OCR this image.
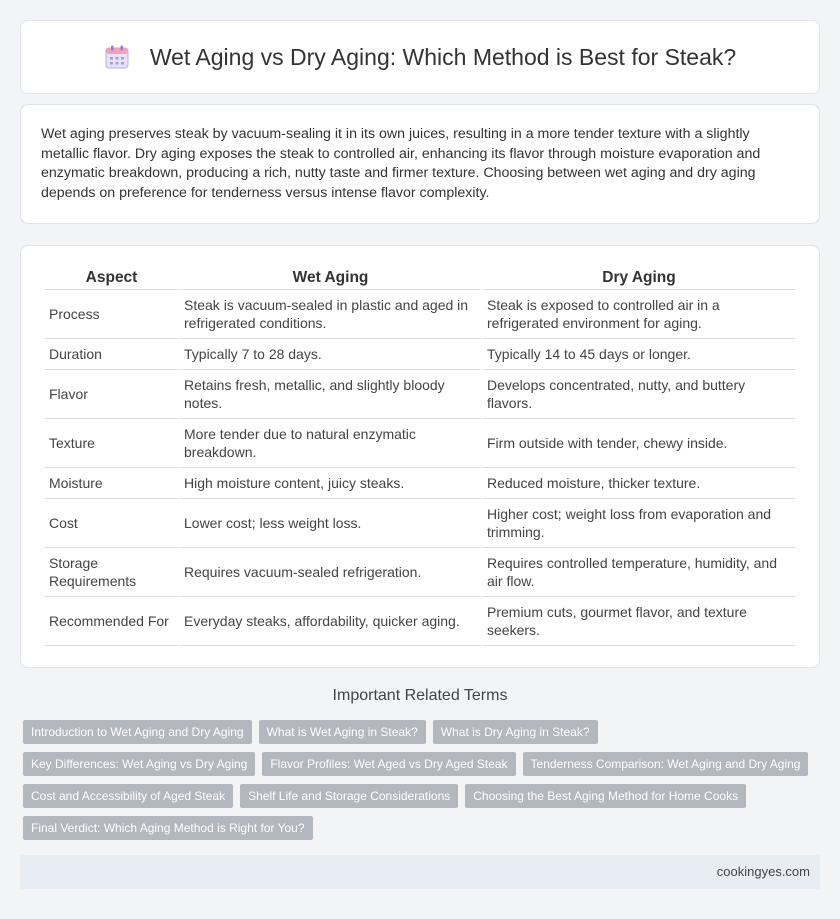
Wet Aging vs Dry Aging: Which Method is Best for Steak?

Wet aging preserves steak by vacuum-sealing it in its own juices, resulting in a more tender texture with a slightly metallic flavor. Dry aging exposes the steak to controlled air, enhancing its flavor through moisture evaporation and enzymatic breakdown, producing a rich, nutty taste and firmer texture. Choosing between wet aging and dry aging depends on preference for tenderness versus intense flavor complexity.

Aspect	Wet Aging	Dry Aging
Process	Steak is vacuum-sealed in plastic and aged in refrigerated conditions.	Steak is exposed to controlled air in a refrigerated environment for aging.
Duration	Typically 7 to 28 days.	Typically 14 to 45 days or longer.
Flavor	Retains fresh, metallic, and slightly bloody notes.	Develops concentrated, nutty, and buttery flavors.
Texture	More tender due to natural enzymatic breakdown.	Firm outside with tender, chewy inside.
Moisture	High moisture content, juicy steaks.	Reduced moisture, thicker texture.
Cost	Lower cost; less weight loss.	Higher cost; weight loss from evaporation and trimming.
Storage Requirements	Requires vacuum-sealed refrigeration.	Requires controlled temperature, humidity, and air flow.
Recommended For	Everyday steaks, affordability, quicker aging.	Premium cuts, gourmet flavor, and texture seekers.
Important Related Terms
Introduction to Wet Aging and Dry Aging	What is Wet Aging in Steak?	What is Dry Aging in Steak?
Key Differences: Wet Aging vs Dry Aging	Flavor Profiles: Wet Aged vs Dry Aged Steak	Tenderness Comparison: Wet Aging and Dry Aging
Cost and Accessibility of Aged Steak	Shelf Life and Storage Considerations	Choosing the Best Aging Method for Home Cooks
Final Verdict: Which Aging Method is Right for You?
cookingyes.com
